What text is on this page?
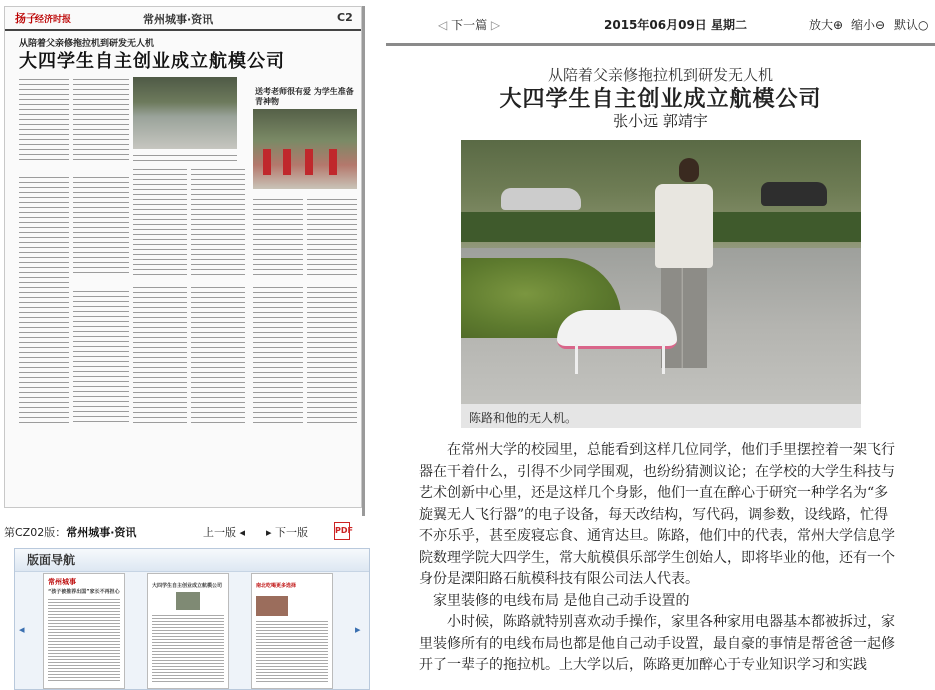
扬子
经济时报	常州城事·资讯	C2
从陪着父亲修拖拉机到研发无人机
大四学生自主创业成立航模公司
送考老师很有爱 为学生准备青神物
第CZ02版：常州城事·资讯	上一版 ◂ ▸ 下一版	PDF
版面导航
◂	▸
常州城事
“孩子被推荐出国”家长不再担心
大四学生自主创业成立航模公司	南北吃喝更多选择
◁ 下一篇 ▷	2015年06月09日 星期二	放大⊕ 缩小⊖ 默认○
从陪着父亲修拖拉机到研发无人机
大四学生自主创业成立航模公司
张小远 郭靖宇
陈路和他的无人机。

在常州大学的校园里，总能看到这样几位同学，他们手里摆控着一架飞行器在干着什么，引得不少同学围观，也纷纷猜测议论；在学校的大学生科技与艺术创新中心里，还是这样几个身影，他们一直在醉心于研究一种学名为“多旋翼无人飞行器”的电子设备，每天改结构，写代码，调参数，设线路，忙得不亦乐乎，甚至废寝忘食、通宵达旦。陈路，他们中的代表，常州大学信息学院数理学院大四学生，常大航模俱乐部学生创始人，即将毕业的他，还有一个身份是溧阳路石航模科技有限公司法人代表。

家里装修的电线布局 是他自己动手设置的

小时候，陈路就特别喜欢动手操作，家里各种家用电器基本都被拆过，家里装修所有的电线布局也都是他自己动手设置，最自豪的事情是帮爸爸一起修开了一辈子的拖拉机。上大学以后，陈路更加醉心于专业知识学习和实践
